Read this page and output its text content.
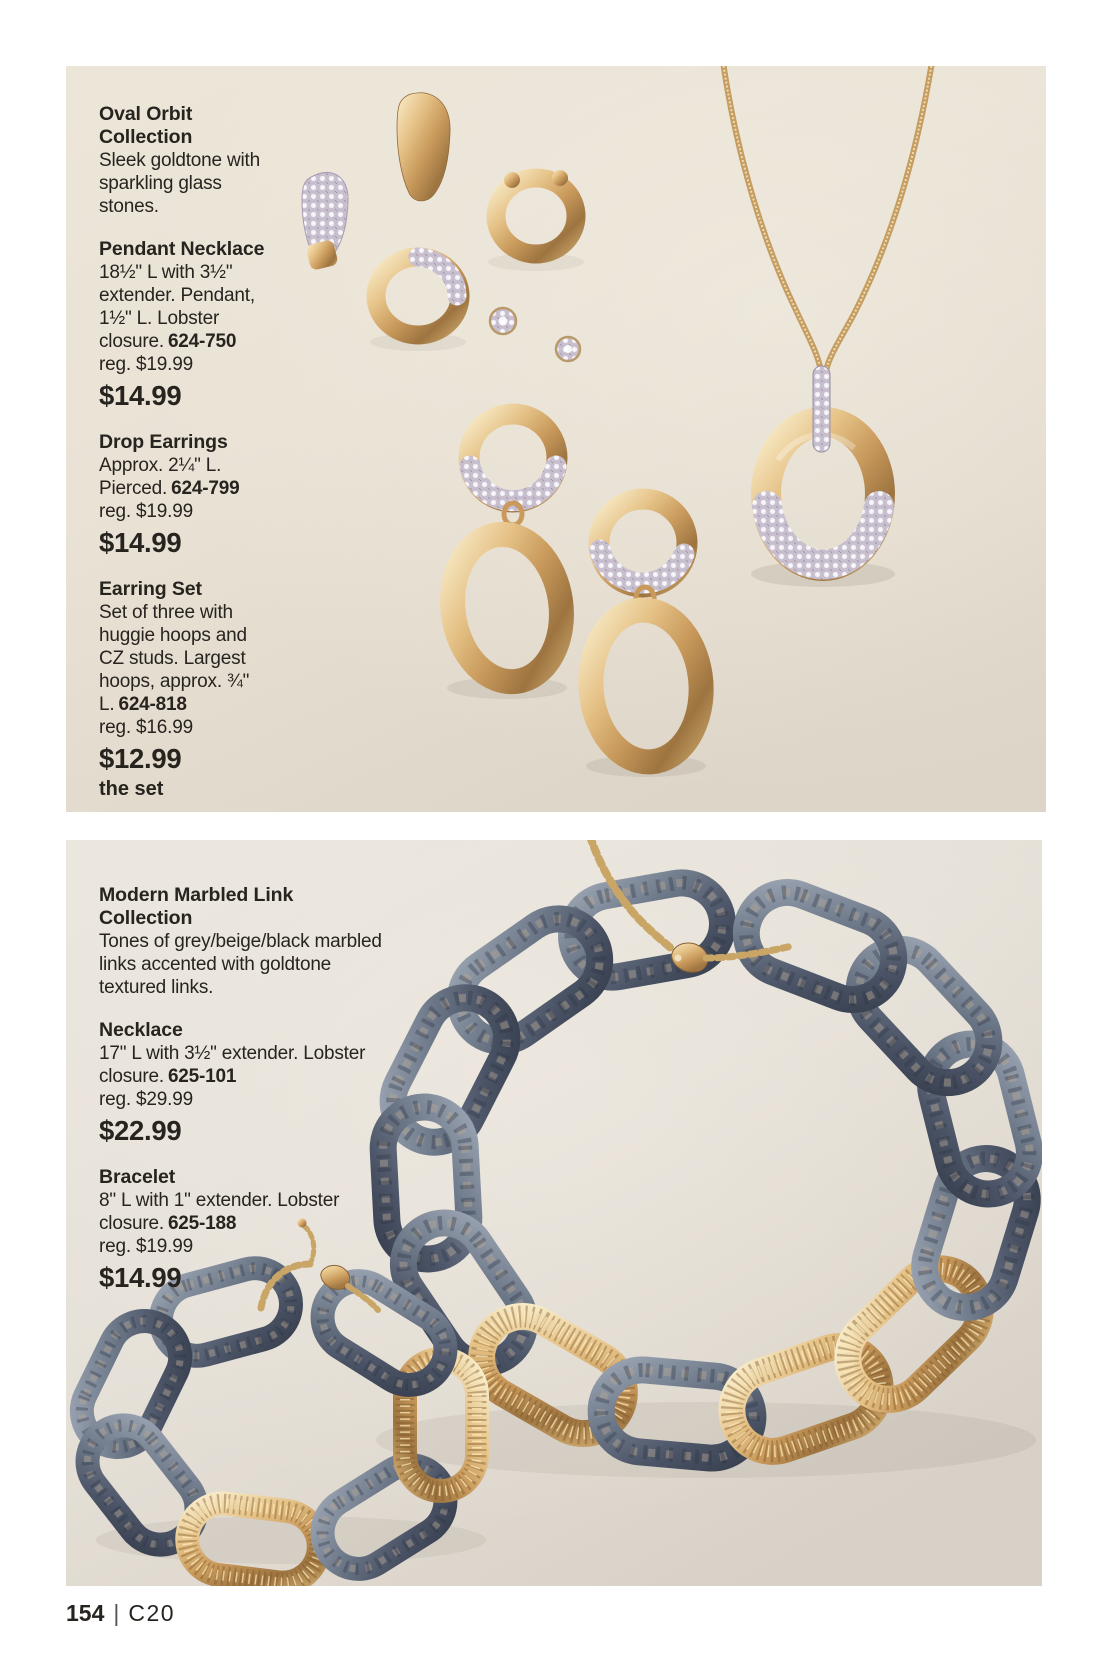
Oval Orbit Collection

Sleek goldtone with sparkling glass stones.

Pendant Necklace

18½" L with 3½" extender. Pendant, 1½" L. Lobster closure. 624-750

reg. $19.99

$14.99

Drop Earrings

Approx. 2¼" L. Pierced. 624-799

reg. $19.99

$14.99

Earring Set

Set of three with huggie hoops and CZ studs. Largest hoops, approx. ¾" L. 624-818

reg. $16.99

$12.99

the set

Modern Marbled Link Collection

Tones of grey/beige/black marbled links accented with goldtone textured links.

Necklace

17" L with 3½" extender. Lobster closure. 625-101

reg. $29.99

$22.99

Bracelet

8" L with 1" extender. Lobster closure. 625-188

reg. $19.99

$14.99

154 | C20
